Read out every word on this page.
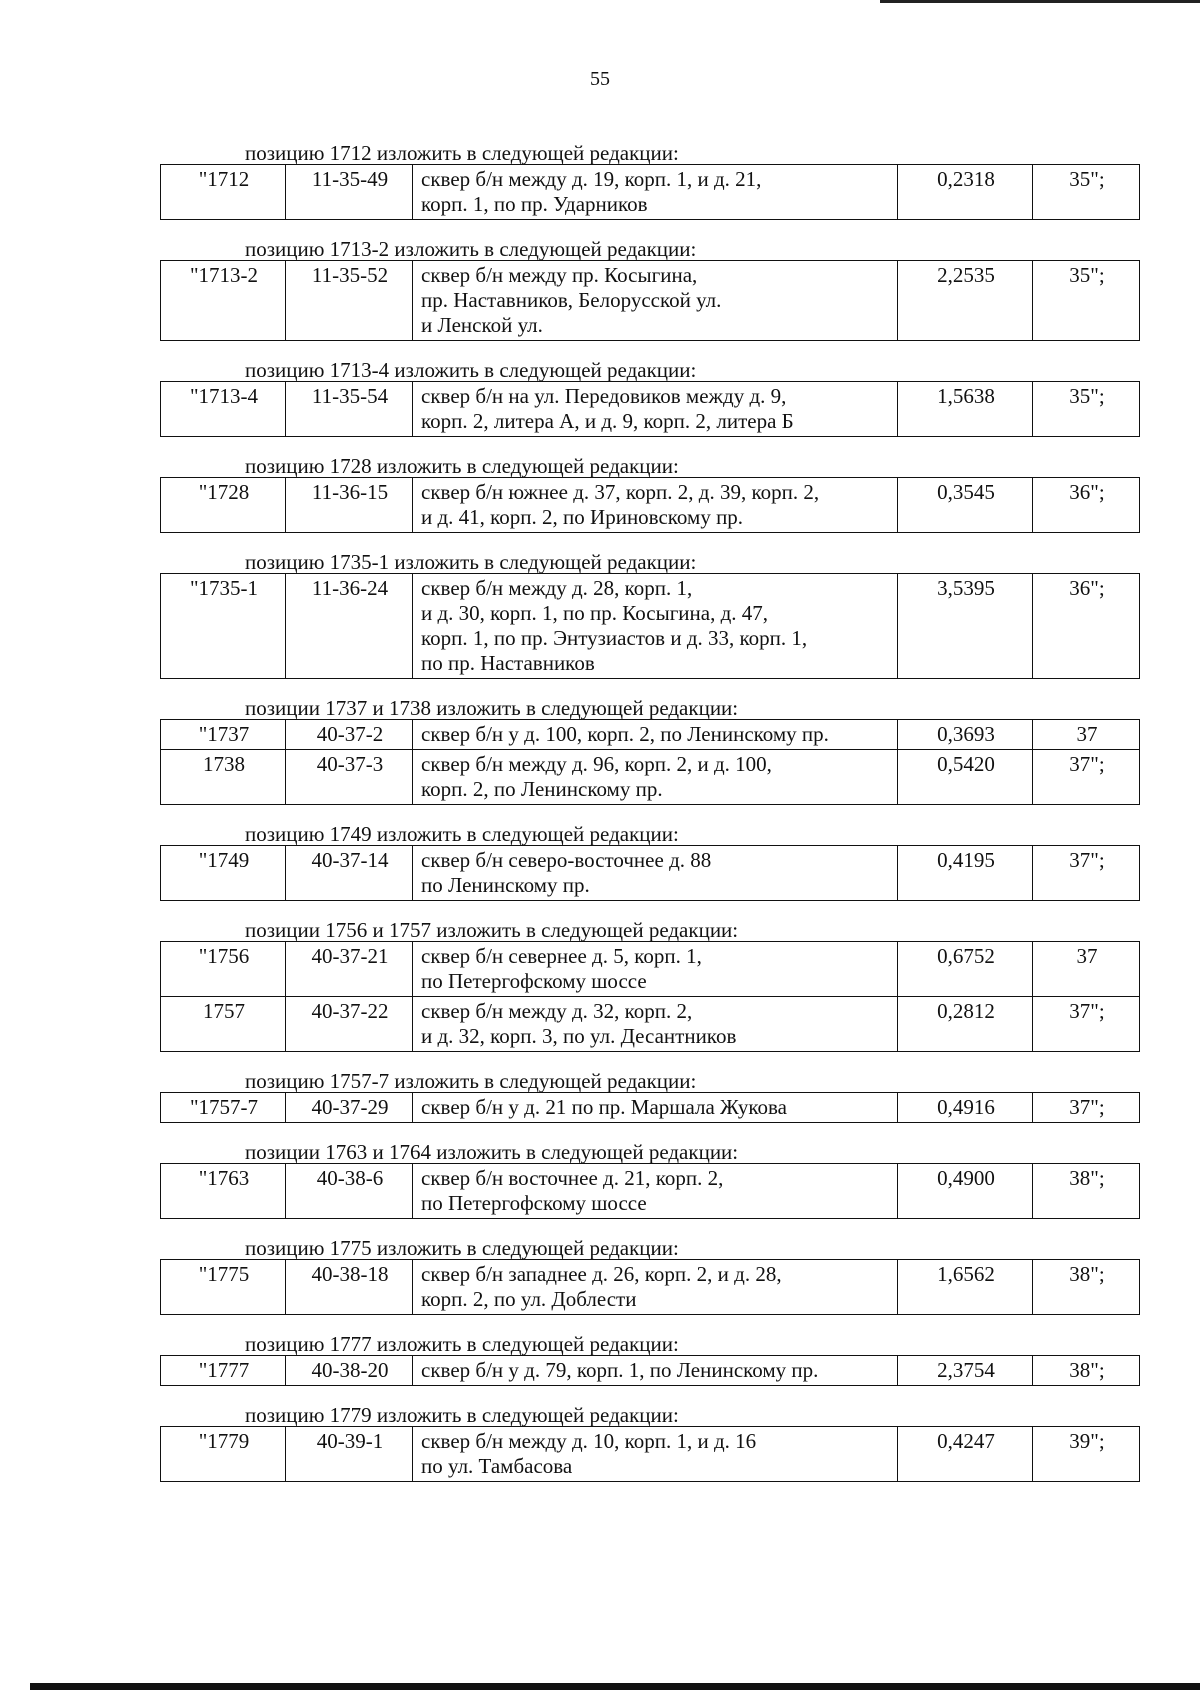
55
позицию 1712 изложить в следующей редакции:
"1712	11-35-49	сквер б/н между д. 19, корп. 1, и д. 21,
корп. 1, по пр. Ударников
	0,2318	35";
позицию 1713-2 изложить в следующей редакции:
"1713-2	11-35-52	сквер б/н между пр. Косыгина,
пр. Наставников, Белорусской ул.
и Ленской ул.
	2,2535	35";
позицию 1713-4 изложить в следующей редакции:
"1713-4	11-35-54	сквер б/н на ул. Передовиков между д. 9,
корп. 2, литера А, и д. 9, корп. 2, литера Б
	1,5638	35";
позицию 1728 изложить в следующей редакции:
"1728	11-36-15	сквер б/н южнее д. 37, корп. 2, д. 39, корп. 2,
и д. 41, корп. 2, по Ириновскому пр.
	0,3545	36";
позицию 1735-1 изложить в следующей редакции:
"1735-1	11-36-24	сквер б/н между д. 28, корп. 1,
и д. 30, корп. 1, по пр. Косыгина, д. 47,
корп. 1, по пр. Энтузиастов и д. 33, корп. 1,
по пр. Наставников
	3,5395	36";
позиции 1737 и 1738 изложить в следующей редакции:
"1737	40-37-2	сквер б/н у д. 100, корп. 2, по Ленинскому пр.	0,3693	37
1738	40-37-3	сквер б/н между д. 96, корп. 2, и д. 100,
корп. 2, по Ленинскому пр.	0,5420	37";
позицию 1749 изложить в следующей редакции:
"1749	40-37-14	сквер б/н северо-восточнее д. 88
по Ленинскому пр.
	0,4195	37";
позиции 1756 и 1757 изложить в следующей редакции:
"1756	40-37-21	сквер б/н севернее д. 5, корп. 1,
по Петергофскому шоссе	0,6752	37
1757	40-37-22	сквер б/н между д. 32, корп. 2,
и д. 32, корп. 3, по ул. Десантников	0,2812	37";
позицию 1757-7 изложить в следующей редакции:
"1757-7	40-37-29	сквер б/н у д. 21 по пр. Маршала Жукова	0,4916	37";
позиции 1763 и 1764 изложить в следующей редакции:
"1763	40-38-6	сквер б/н восточнее д. 21, корп. 2,
по Петергофскому шоссе
	0,4900	38";
позицию 1775 изложить в следующей редакции:
"1775	40-38-18	сквер б/н западнее д. 26, корп. 2, и д. 28,
корп. 2, по ул. Доблести
	1,6562	38";
позицию 1777 изложить в следующей редакции:
"1777	40-38-20	сквер б/н у д. 79, корп. 1, по Ленинскому пр.	2,3754	38";
позицию 1779 изложить в следующей редакции:
"1779	40-39-1	сквер б/н между д. 10, корп. 1, и д. 16
по ул. Тамбасова
	0,4247	39";
